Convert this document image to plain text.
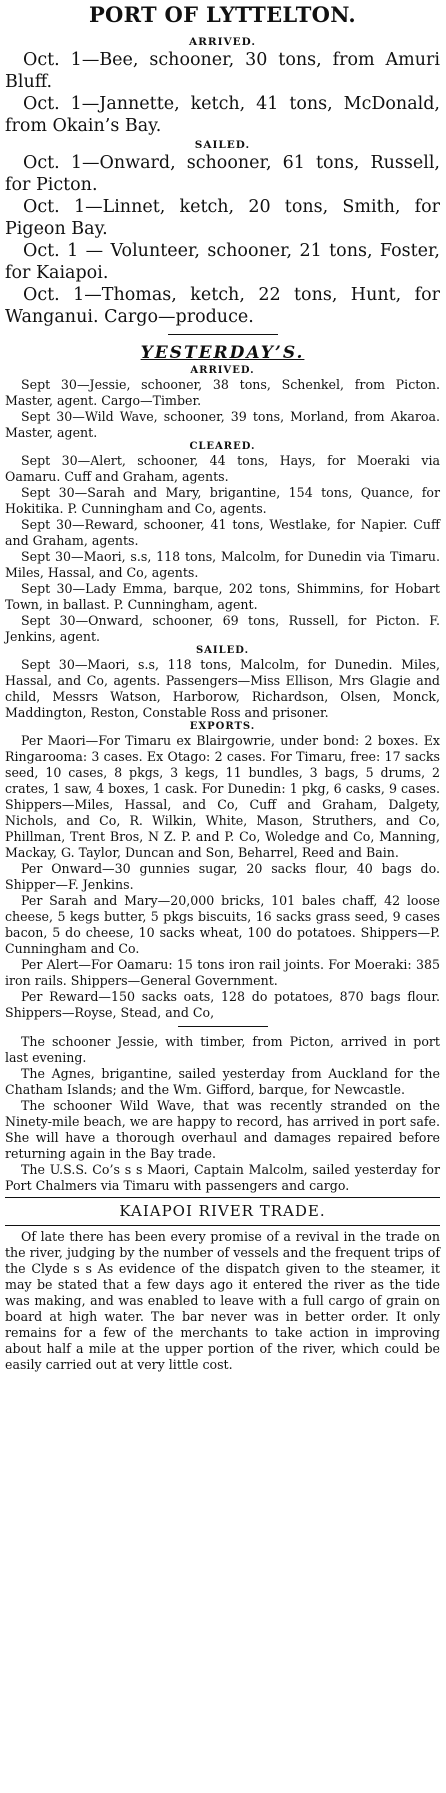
PORT OF LYTTELTON.
ARRIVED.

Oct. 1—Bee, schooner, 30 tons, from Amuri Bluff.

Oct. 1—Jannette, ketch, 41 tons, McDonald, from Okain’s Bay.

SAILED.

Oct. 1—Onward, schooner, 61 tons, Russell, for Picton.

Oct. 1—Linnet, ketch, 20 tons, Smith, for Pigeon Bay.

Oct. 1 — Volunteer, schooner, 21 tons, Foster, for Kaiapoi.

Oct. 1—Thomas, ketch, 22 tons, Hunt, for Wanganui. Cargo—produce.

YESTERDAY’S.
ARRIVED.

Sept 30—Jessie, schooner, 38 tons, Schenkel, from Picton. Master, agent. Cargo—Timber.

Sept 30—Wild Wave, schooner, 39 tons, Morland, from Akaroa. Master, agent.

CLEARED.

Sept 30—Alert, schooner, 44 tons, Hays, for Moeraki via Oamaru. Cuff and Graham, agents.

Sept 30—Sarah and Mary, brigantine, 154 tons, Quance, for Hokitika. P. Cunningham and Co, agents.

Sept 30—Reward, schooner, 41 tons, Westlake, for Napier. Cuff and Graham, agents.

Sept 30—Maori, s.s, 118 tons, Malcolm, for Dunedin via Timaru. Miles, Hassal, and Co, agents.

Sept 30—Lady Emma, barque, 202 tons, Shimmins, for Hobart Town, in ballast. P. Cunningham, agent.

Sept 30—Onward, schooner, 69 tons, Russell, for Picton. F. Jenkins, agent.

SAILED.

Sept 30—Maori, s.s, 118 tons, Malcolm, for Dunedin. Miles, Hassal, and Co, agents. Passengers—Miss Ellison, Mrs Glagie and child, Messrs Watson, Harborow, Richardson, Olsen, Monck, Maddington, Reston, Constable Ross and prisoner.

EXPORTS.

Per Maori—For Timaru ex Blairgowrie, under bond: 2 boxes. Ex Ringarooma: 3 cases. Ex Otago: 2 cases. For Timaru, free: 17 sacks seed, 10 cases, 8 pkgs, 3 kegs, 11 bundles, 3 bags, 5 drums, 2 crates, 1 saw, 4 boxes, 1 cask. For Dunedin: 1 pkg, 6 casks, 9 cases. Shippers—Miles, Hassal, and Co, Cuff and Graham, Dalgety, Nichols, and Co, R. Wilkin, White, Mason, Struthers, and Co, Phillman, Trent Bros, N Z. P. and P. Co, Woledge and Co, Manning, Mackay, G. Taylor, Duncan and Son, Beharrel, Reed and Bain.

Per Onward—30 gunnies sugar, 20 sacks flour, 40 bags do. Shipper—F. Jenkins.

Per Sarah and Mary—20,000 bricks, 101 bales chaff, 42 loose cheese, 5 kegs butter, 5 pkgs biscuits, 16 sacks grass seed, 9 cases bacon, 5 do cheese, 10 sacks wheat, 100 do potatoes. Shippers—P. Cunningham and Co.

Per Alert—For Oamaru: 15 tons iron rail joints. For Moeraki: 385 iron rails. Shippers—General Government.

Per Reward—150 sacks oats, 128 do potatoes, 870 bags flour. Shippers—Royse, Stead, and Co,

The schooner Jessie, with timber, from Picton, arrived in port last evening.

The Agnes, brigantine, sailed yesterday from Auckland for the Chatham Islands; and the Wm. Gifford, barque, for Newcastle.

The schooner Wild Wave, that was recently stranded on the Ninety-mile beach, we are happy to record, has arrived in port safe. She will have a thorough overhaul and damages repaired before returning again in the Bay trade.

The U.S.S. Co’s s s Maori, Captain Malcolm, sailed yesterday for Port Chalmers via Timaru with passengers and cargo.

KAIAPOI RIVER TRADE.

Of late there has been every promise of a revival in the trade on the river, judging by the number of vessels and the frequent trips of the Clyde s s As evidence of the dispatch given to the steamer, it may be stated that a few days ago it entered the river as the tide was making, and was enabled to leave with a full cargo of grain on board at high water. The bar never was in better order. It only remains for a few of the merchants to take action in improving about half a mile at the upper portion of the river, which could be easily carried out at very little cost.
